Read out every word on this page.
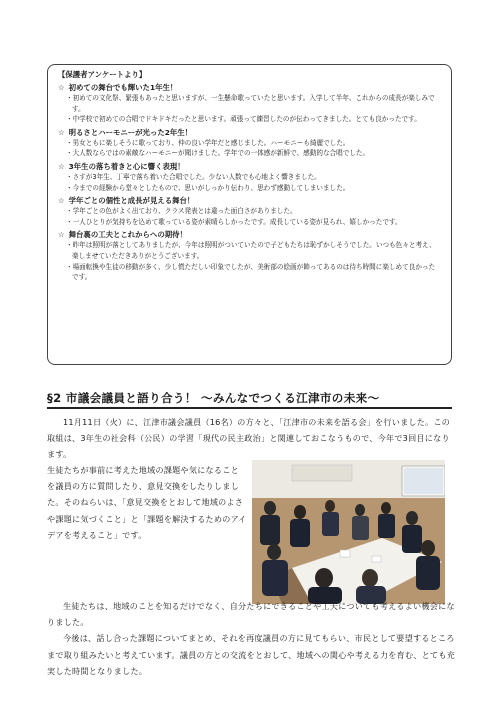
【保護者アンケートより】
☆ 初めての舞台でも輝いた1年生！
・初めての文化祭、緊張もあったと思いますが、一生懸命歌っていたと思います。入学して半年、これからの成長が楽しみです。
・中学校で初めての合唱でドキドキだったと思います。頑張って練習したのが伝わってきました。とても良かったです。
☆ 明るさとハーモニーが光った2年生！
・男女ともに楽しそうに歌っており、仲の良い学年だと感じました。ハーモニーも綺麗でした。
・大人数ならではの素敵なハーモニーが聞けました。学年での一体感が新鮮で、感動的な合唱でした。
☆ 3年生の落ち着きと心に響く表現！
・さすが3年生、丁寧で落ち着いた合唱でした。少ない人数でも心地よく響きました。
・今までの経験から堂々としたもので、思いがしっかり伝わり、思わず感動してしまいました。
☆ 学年ごとの個性と成長が見える舞台！
・学年ごとの色がよく出ており、クラス発表とは違った面白さがありました。
・一人ひとりが気持ちを込めて歌っている姿が素晴らしかったです。成長している姿が見られ、嬉しかったです。
☆ 舞台裏の工夫とこれからへの期待！
・昨年は照明が落としてありましたが、今年は照明がついていたので子どもたちは恥ずかしそうでした。いつも色々と考え、楽しませていただきありがとうございます。
・場面転換や生徒の移動が多く、少し慌ただしい印象でしたが、美術部の絵画が飾ってあるのは待ち時間に楽しめて良かったです。
§2 市議会議員と語り合う！ ～みんなでつくる江津市の未来～
11月11日（火）に、江津市議会議員（16名）の方々と、「江津市の未来を語る会」を行いました。この取組は、3年生の社会科（公民）の学習「現代の民主政治」と関連しておこなうもので、今年で3回目になります。
生徒たちが事前に考えた地域の課題や気になることを議員の方に質問したり、意見交換をしたりしました。そのねらいは、「意見交換をとおして地域のよさや課題に気づくこと」と「課題を解決するためのアイデアを考えること」です。
生徒たちは、地域のことを知るだけでなく、自分たちにできることや工夫についても考えるよい機会になりました。
今後は、話し合った課題についてまとめ、それを再度議員の方に見てもらい、市民として要望するところまで取り組みたいと考えています。議員の方との交流をとおして、地域への関心や考える力を育む、とても充実した時間となりました。
